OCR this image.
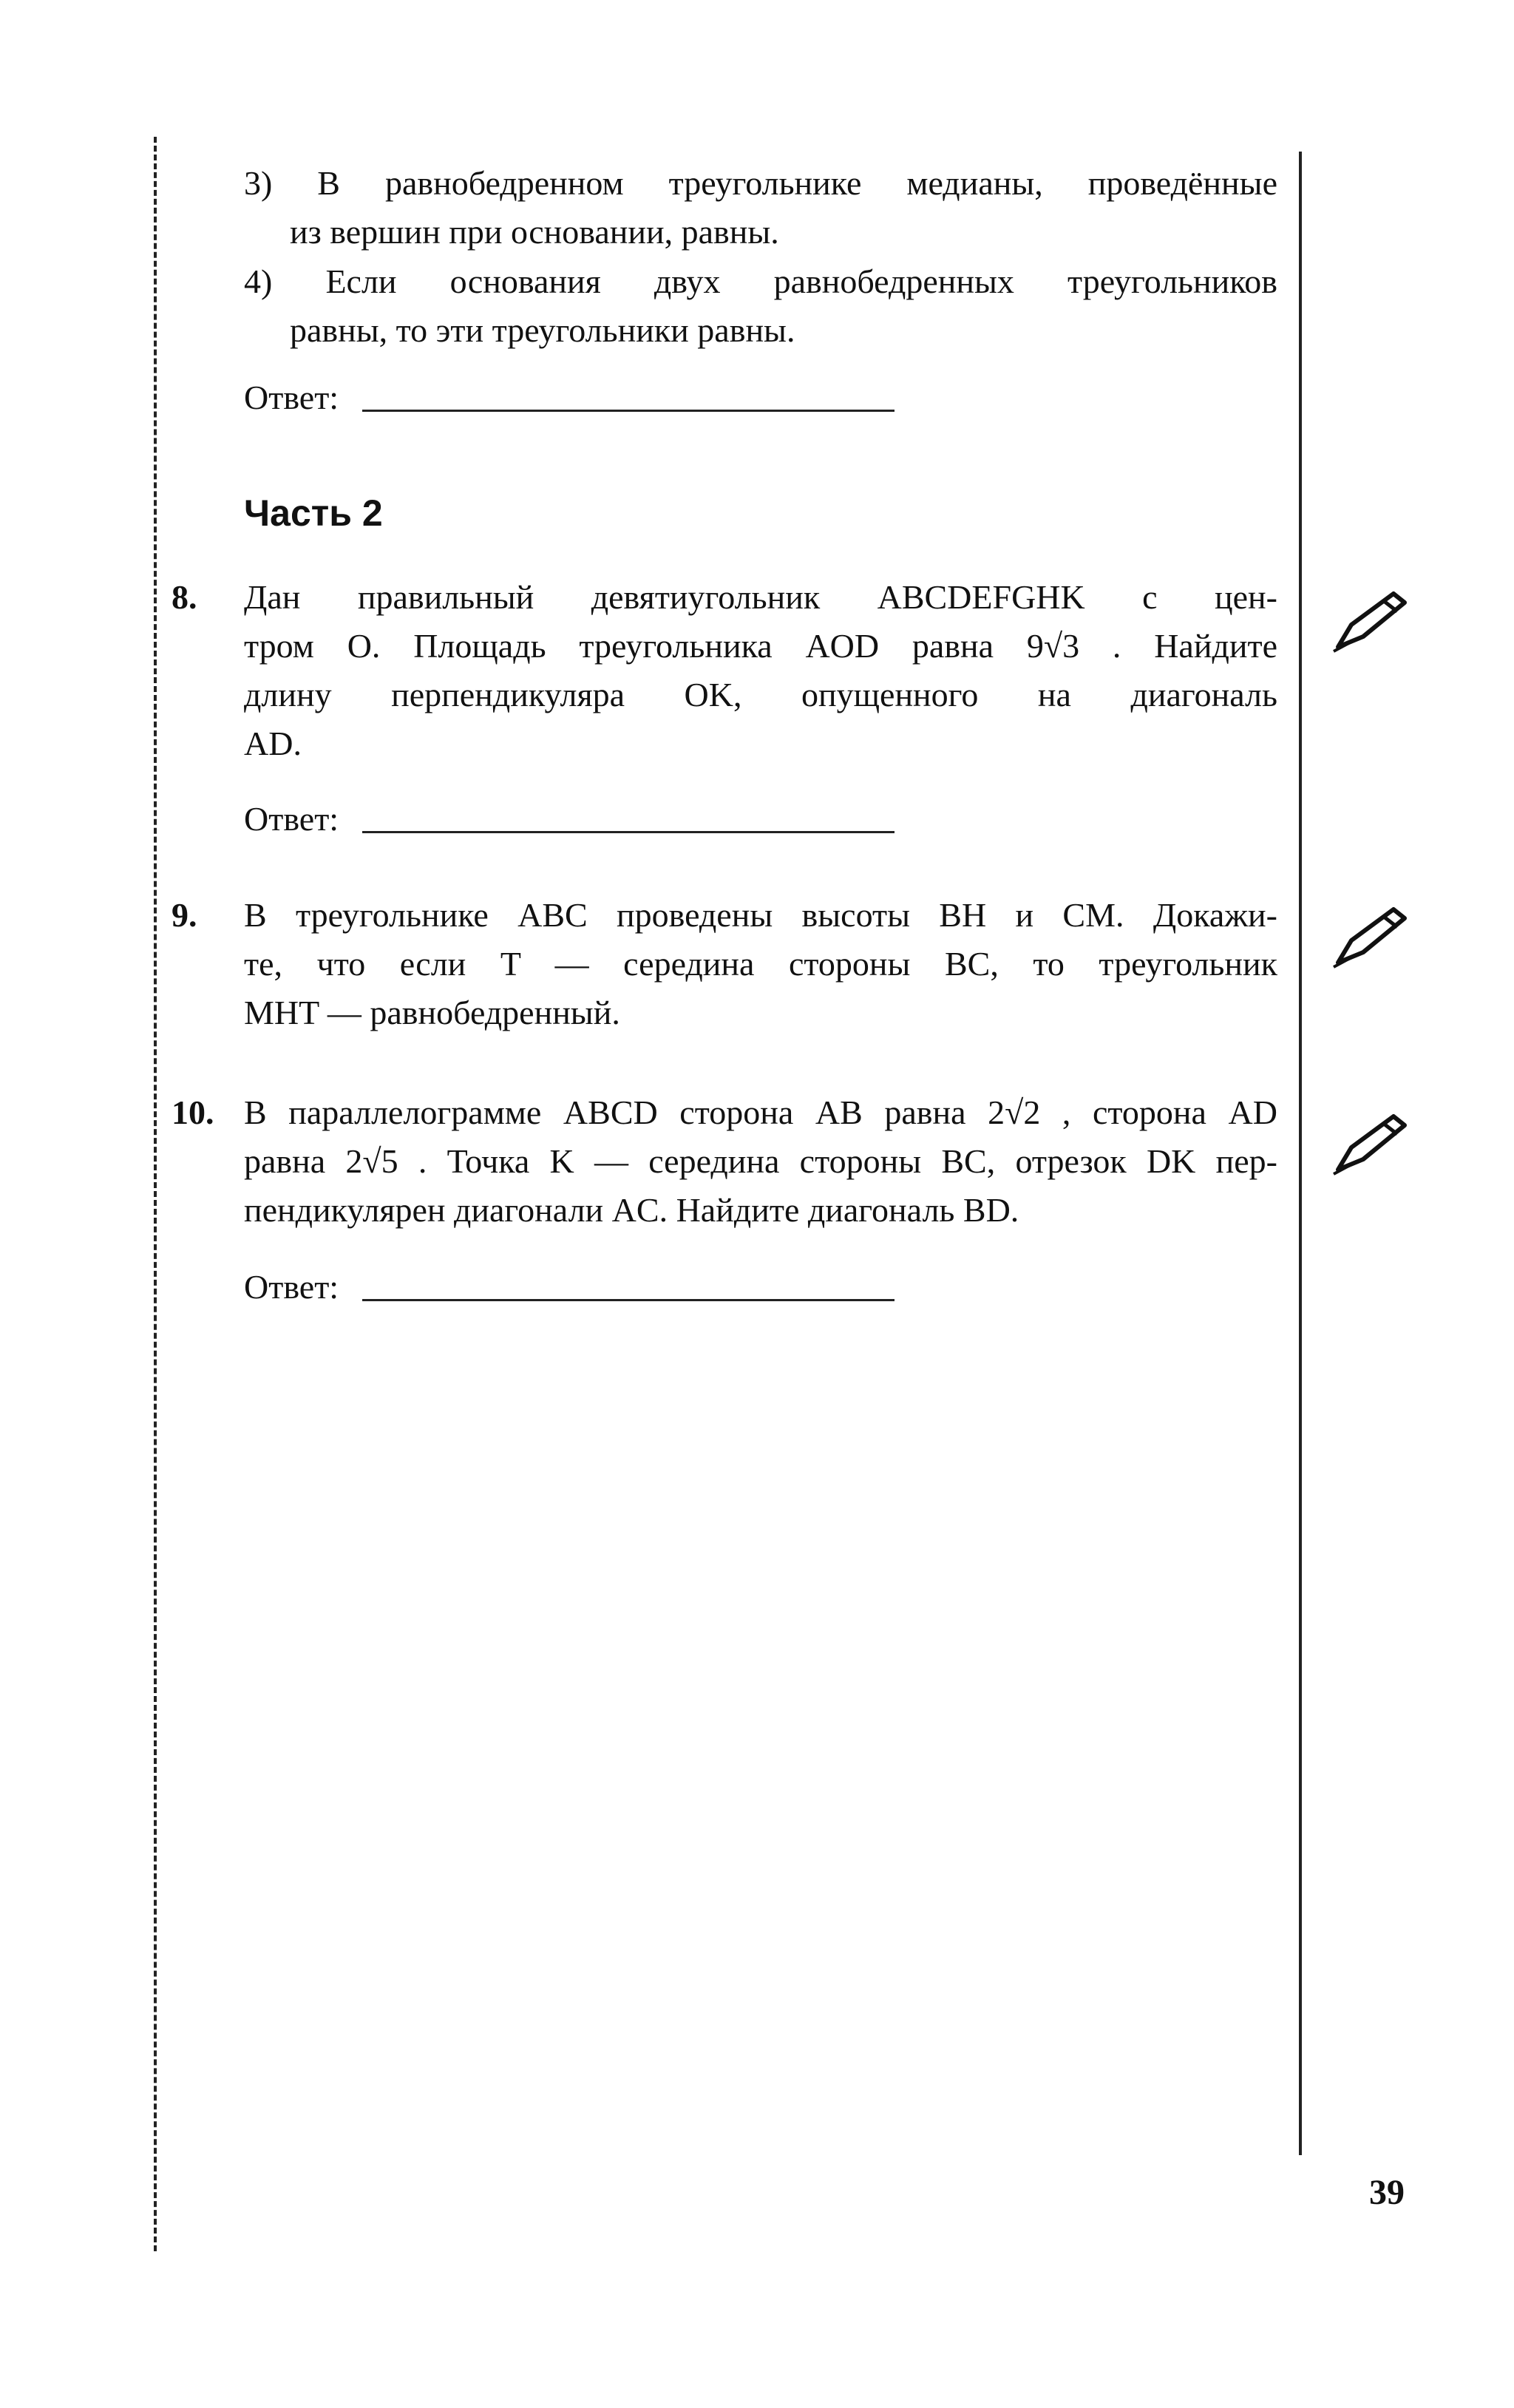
3) В равнобедренном треугольнике медианы, проведённые
из вершин при основании, равны.
4) Если основания двух равнобедренных треугольников
равны, то эти треугольники равны.
Ответ:
Часть 2
8. Дан правильный девятиугольник ABCDEFGHK с цен-
тром O. Площадь треугольника AOD равна 9√3 . Найдите
длину перпендикуляра OK, опущенного на диагональ
AD.
Ответ:
9. В треугольнике ABC проведены высоты BH и CM. Докажи-
те, что если T — середина стороны BC, то треугольник
MHT — равнобедренный.
10. В параллелограмме ABCD сторона AB равна 2√2 , сторона AD
равна 2√5 . Точка K — середина стороны BC, отрезок DK пер-
пендикулярен диагонали AC. Найдите диагональ BD.
Ответ:
39
